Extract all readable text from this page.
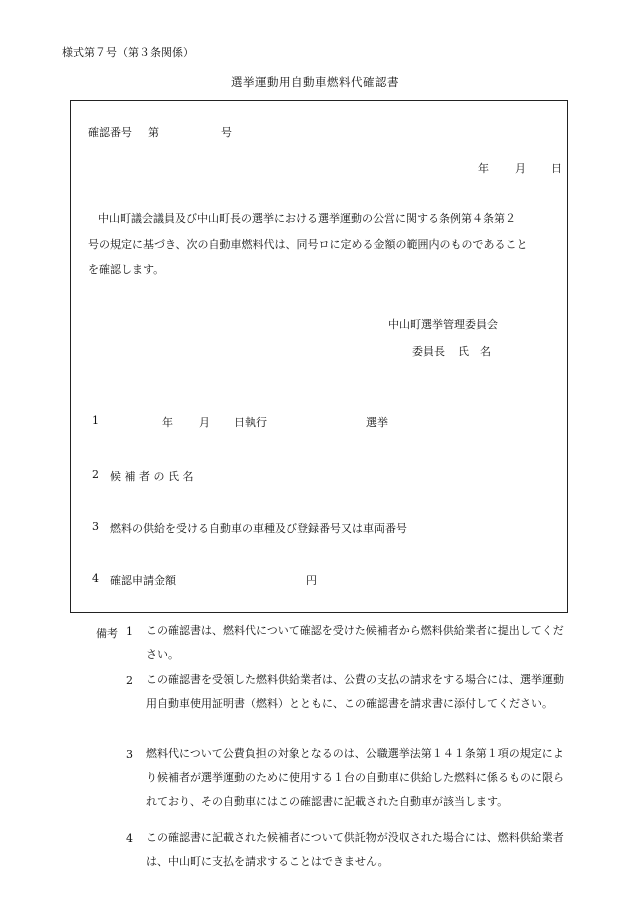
様式第７号（第３条関係）
選挙運動用自動車燃料代確認書
確認番号 第	号
年 月 日
中山町議会議員及び中山町長の選挙における選挙運動の公営に関する条例第４条第２
号の規定に基づき、次の自動車燃料代は、同号ロに定める金額の範囲内のものであること
を確認します。
中山町選挙管理委員会
委員長 氏　名
1	年 月 日執行	選挙
2 候 補 者 の 氏 名
3 燃料の供給を受ける自動車の車種及び登録番号又は車両番号
4 確認申請金額	円
備考 1 この確認書は、燃料代について確認を受けた候補者から燃料供給業者に提出してください。
2 この確認書を受領した燃料供給業者は、公費の支払の請求をする場合には、選挙運動用自動車使用証明書（燃料）とともに、この確認書を請求書に添付してください。
3 燃料代について公費負担の対象となるのは、公職選挙法第１４１条第１項の規定により候補者が選挙運動のために使用する１台の自動車に供給した燃料に係るものに限られており、その自動車にはこの確認書に記載された自動車が該当します。
4 この確認書に記載された候補者について供託物が没収された場合には、燃料供給業者は、中山町に支払を請求することはできません。
